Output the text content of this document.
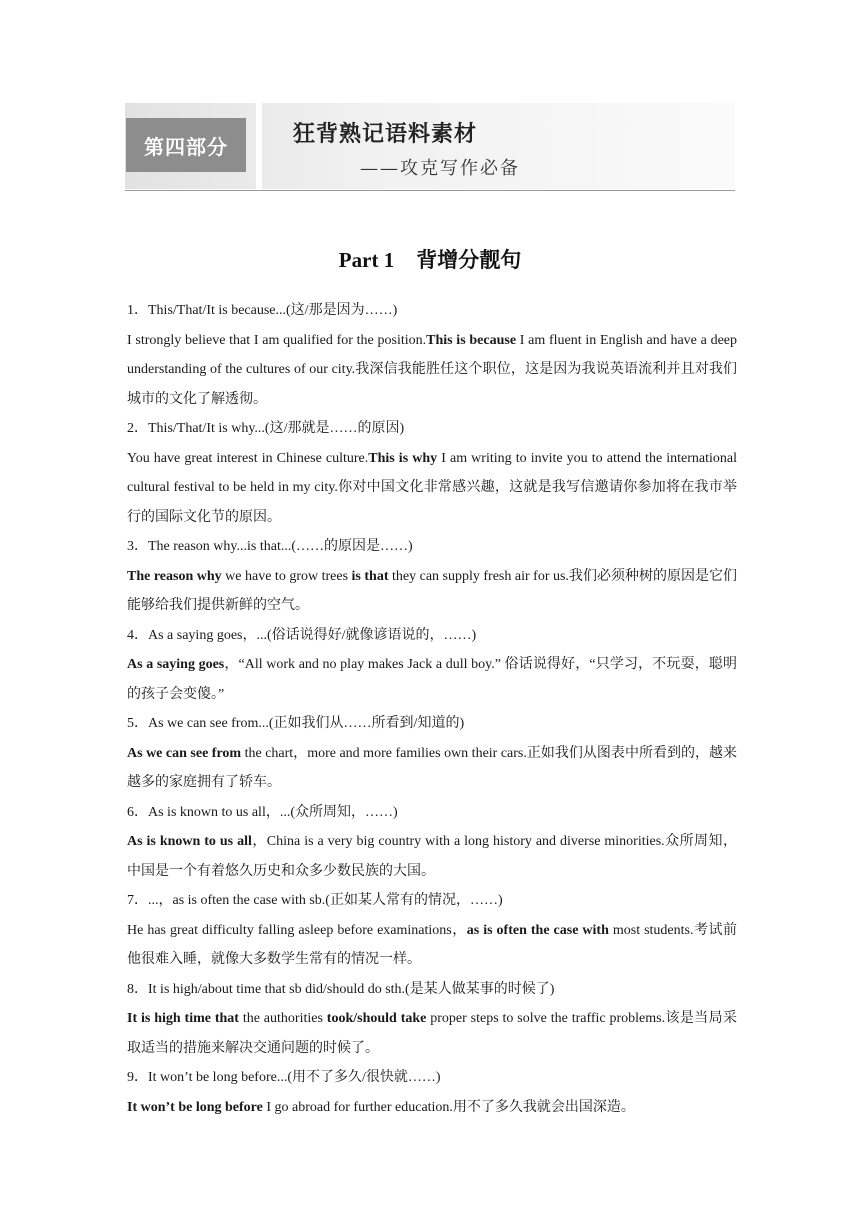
第四部分	狂背熟记语料素材
——攻克写作必备
Part 1 背增分靓句

1．This/That/It is because...(这/那是因为……)

I strongly believe that I am qualified for the position.This is because I am fluent in English and have a deep understanding of the cultures of our city.我深信我能胜任这个职位，这是因为我说英语流利并且对我们城市的文化了解透彻。

2．This/That/It is why...(这/那就是……的原因)

You have great interest in Chinese culture.This is why I am writing to invite you to attend the international cultural festival to be held in my city.你对中国文化非常感兴趣，这就是我写信邀请你参加将在我市举行的国际文化节的原因。

3．The reason why...is that...(……的原因是……)

The reason why we have to grow trees is that they can supply fresh air for us.我们必须种树的原因是它们能够给我们提供新鲜的空气。

4．As a saying goes，...(俗话说得好/就像谚语说的，……)

As a saying goes，“All work and no play makes Jack a dull boy.” 俗话说得好，“只学习，不玩耍，聪明的孩子会变傻。”

5．As we can see from...(正如我们从……所看到/知道的)

As we can see from the chart，more and more families own their cars.正如我们从图表中所看到的，越来越多的家庭拥有了轿车。

6．As is known to us all，...(众所周知，……)

As is known to us all，China is a very big country with a long history and diverse minorities.众所周知，中国是一个有着悠久历史和众多少数民族的大国。

7．...，as is often the case with sb.(正如某人常有的情况，……)

He has great difficulty falling asleep before examinations，as is often the case with most students.考试前他很难入睡，就像大多数学生常有的情况一样。

8．It is high/about time that sb did/should do sth.(是某人做某事的时候了)

It is high time that the authorities took/should take proper steps to solve the traffic problems.该是当局采取适当的措施来解决交通问题的时候了。

9．It won’t be long before...(用不了多久/很快就……)

It won’t be long before I go abroad for further education.用不了多久我就会出国深造。
